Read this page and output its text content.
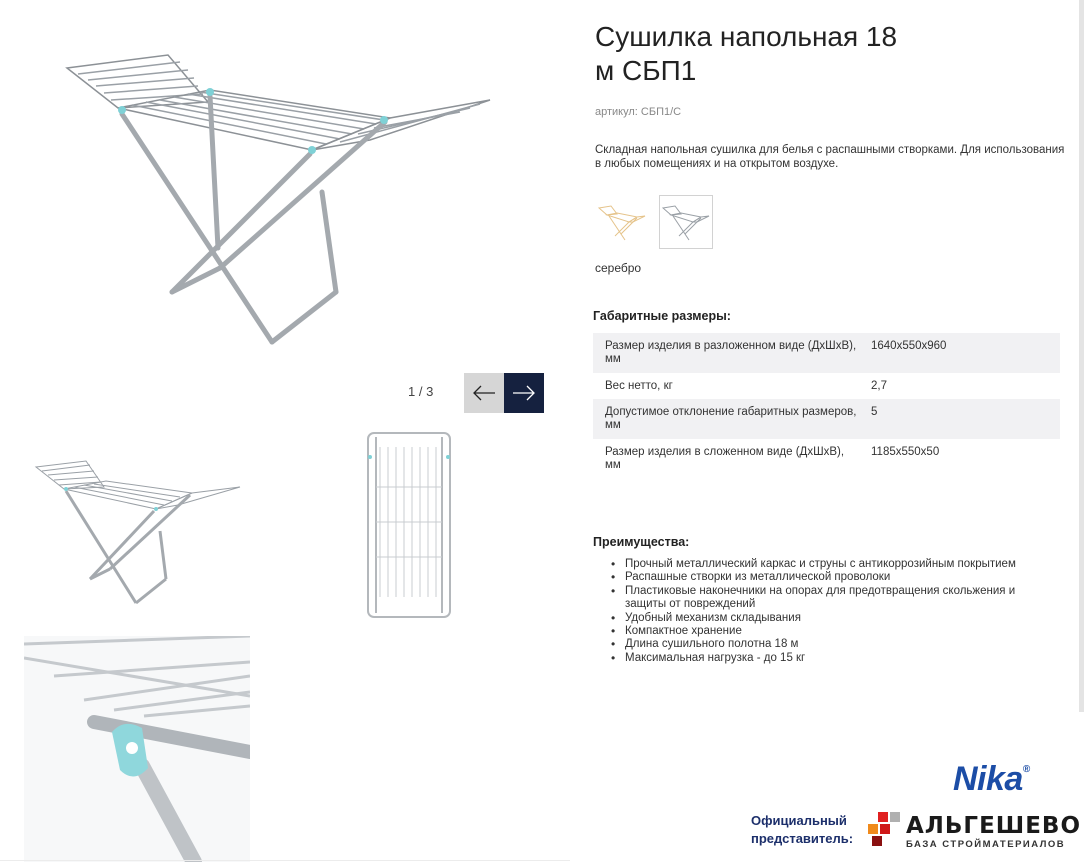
1 / 3
Сушилка напольная 18
м СБП1
артикул: СБП1/С
Складная напольная сушилка для белья с распашными створками. Для использования в любых помещениях и на открытом воздухе.
серебро
Габаритные размеры:
Размер изделия в разложенном виде (ДхШхВ), мм
1640х550х960
Вес нетто, кг	2,7
Допустимое отклонение габаритных размеров, мм
5
Размер изделия в сложенном виде (ДхШхВ), мм
1185х550х50
Преимущества:
• Прочный металлический каркас и струны с антикоррозийным покрытием
• Распашные створки из металлической проволоки
• Пластиковые наконечники на опорах для предотвращения скольжения и защиты от повреждений
• Удобный механизм складывания
• Компактное хранение
• Длина сушильного полотна 18 м
• Максимальная нагрузка - до 15 кг
Nika®
Официальный
представитель:	АЛЬГЕШЕВО
БАЗА СТРОЙМАТЕРИАЛОВ
